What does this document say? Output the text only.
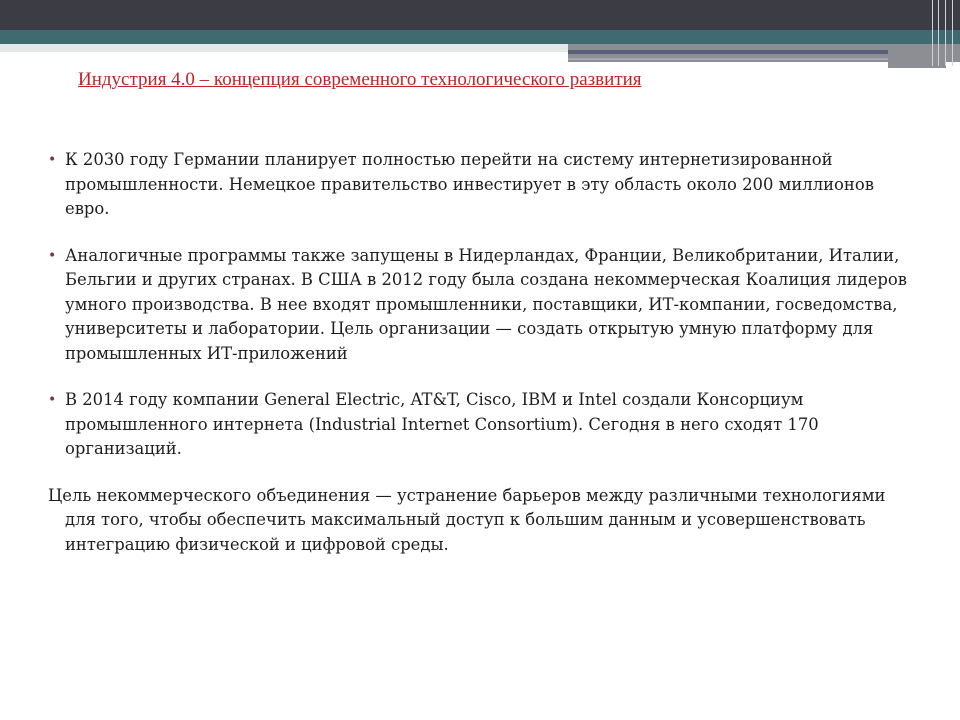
Индустрия 4.0 – концепция современного технологического развития
• К 2030 году Германии планирует полностью перейти на систему интернетизированной промышленности. Немецкое правительство инвестирует в эту область около 200 миллионов евро.
• Аналогичные программы также запущены в Нидерландах, Франции, Великобритании, Италии, Бельгии и других странах. В США в 2012 году была создана некоммерческая Коалиция лидеров умного производства. В нее входят промышленники, поставщики, ИТ-компании, госведомства, университеты и лаборатории. Цель организации — создать открытую умную платформу для промышленных ИТ-приложений
• В 2014 году компании General Electric, AT&T, Cisco, IBM и Intel создали Консорциум промышленного интернета (Industrial Internet Consortium). Сегодня в него сходят 170 организаций.
Цель некоммерческого объединения — устранение барьеров между различными технологиями для того, чтобы обеспечить максимальный доступ к большим данным и усовершенствовать интеграцию физической и цифровой среды.
